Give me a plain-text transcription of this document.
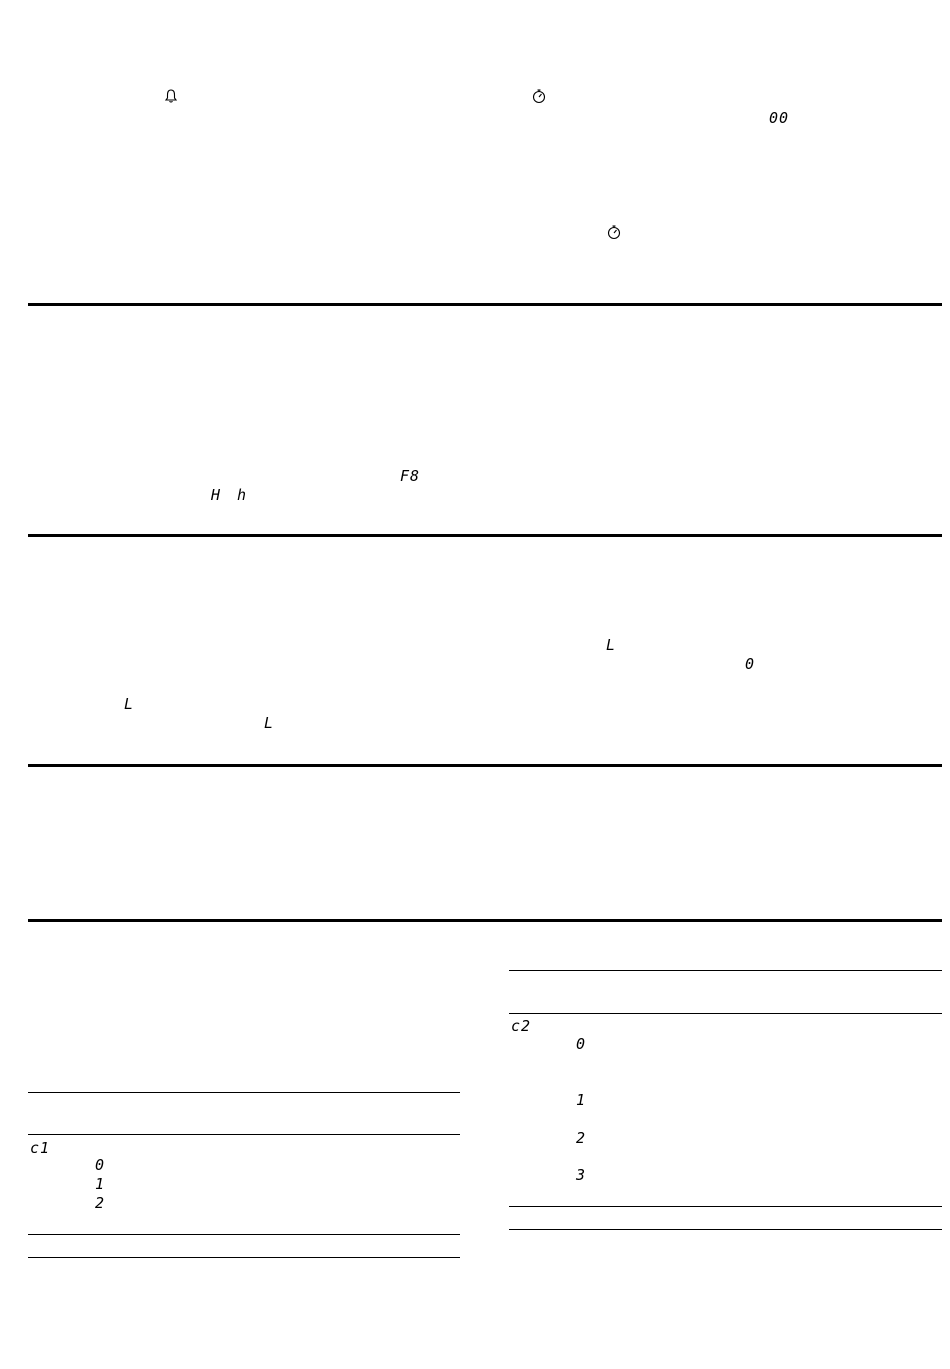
00
F8
H h
L
0
L
L
c1
0
1
2
c2
0
1
2
3
